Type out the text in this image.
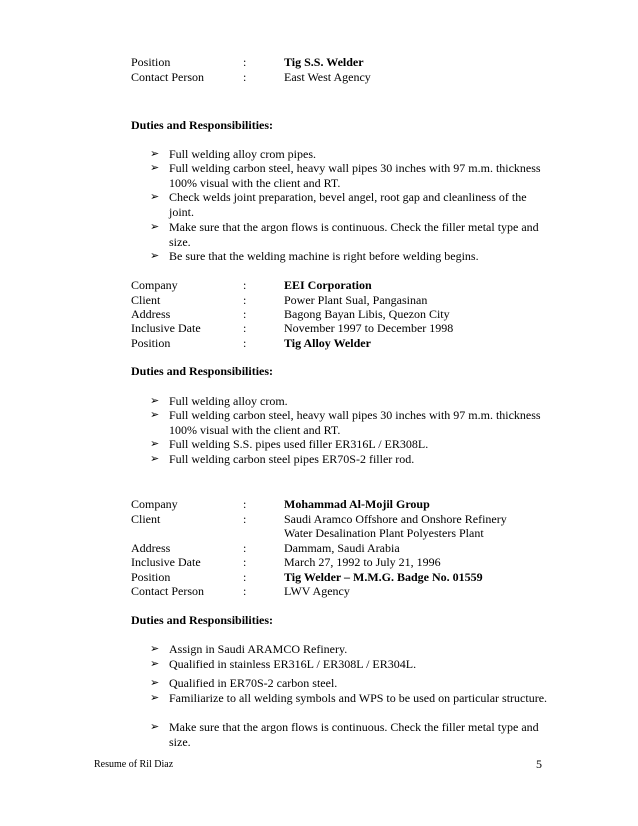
Position	:	Tig S.S. Welder
Contact Person	:	East West Agency
Duties and Responsibilities:
➢ Full welding alloy crom pipes.
➢ Full welding carbon steel, heavy wall pipes 30 inches with 97 m.m. thickness 100% visual with the client and RT.
➢ Check welds joint preparation, bevel angel, root gap and cleanliness of the joint.
➢ Make sure that the argon flows is continuous. Check the filler metal type and size.
➢ Be sure that the welding machine is right before welding begins.
Company	:	EEI Corporation
Client	:	Power Plant Sual, Pangasinan
Address	:	Bagong Bayan Libis, Quezon City
Inclusive Date	:	November 1997 to December 1998
Position	:	Tig Alloy Welder
Duties and Responsibilities:
➢ Full welding alloy crom.
➢ Full welding carbon steel, heavy wall pipes 30 inches with 97 m.m. thickness 100% visual with the client and RT.
➢ Full welding S.S. pipes used filler ER316L / ER308L.
➢ Full welding carbon steel pipes ER70S-2 filler rod.
Company	:	Mohammad Al-Mojil Group
Client	:	Saudi Aramco Offshore and Onshore Refinery
Water Desalination Plant Polyesters Plant
Address	:	Dammam, Saudi Arabia
Inclusive Date	:	March 27, 1992 to July 21, 1996
Position	:	Tig Welder – M.M.G. Badge No. 01559
Contact Person	:	LWV Agency
Duties and Responsibilities:
➢ Assign in Saudi ARAMCO Refinery.
➢ Qualified in stainless ER316L / ER308L / ER304L.
➢ Qualified in ER70S-2 carbon steel.
➢ Familiarize to all welding symbols and WPS to be used on particular structure.
➢ Make sure that the argon flows is continuous. Check the filler metal type and size.
Resume of Ril Diaz	5
